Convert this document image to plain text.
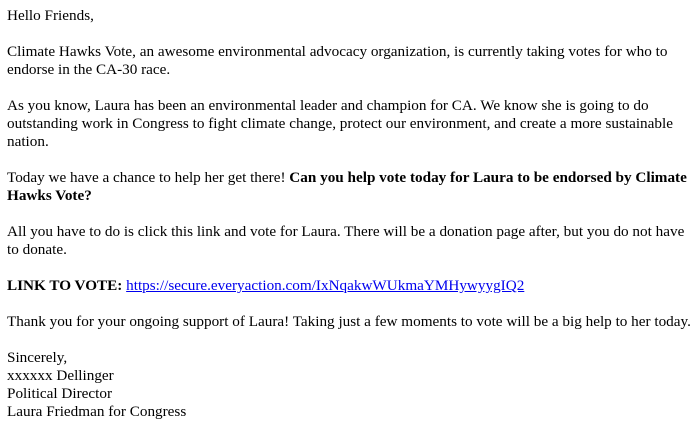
Hello Friends,

Climate Hawks Vote, an awesome environmental advocacy organization, is currently taking votes for who to endorse in the CA-30 race.

As you know, Laura has been an environmental leader and champion for CA. We know she is going to do outstanding work in Congress to fight climate change, protect our environment, and create a more sustainable nation.

Today we have a chance to help her get there! Can you help vote today for Laura to be endorsed by Climate Hawks Vote?

All you have to do is click this link and vote for Laura. There will be a donation page after, but you do not have to donate.

LINK TO VOTE: https://secure.everyaction.com/IxNqakwWUkmaYMHywyygIQ2

Thank you for your ongoing support of Laura! Taking just a few moments to vote will be a big help to her today.

Sincerely,

xxxxxx Dellinger

Political Director

Laura Friedman for Congress
